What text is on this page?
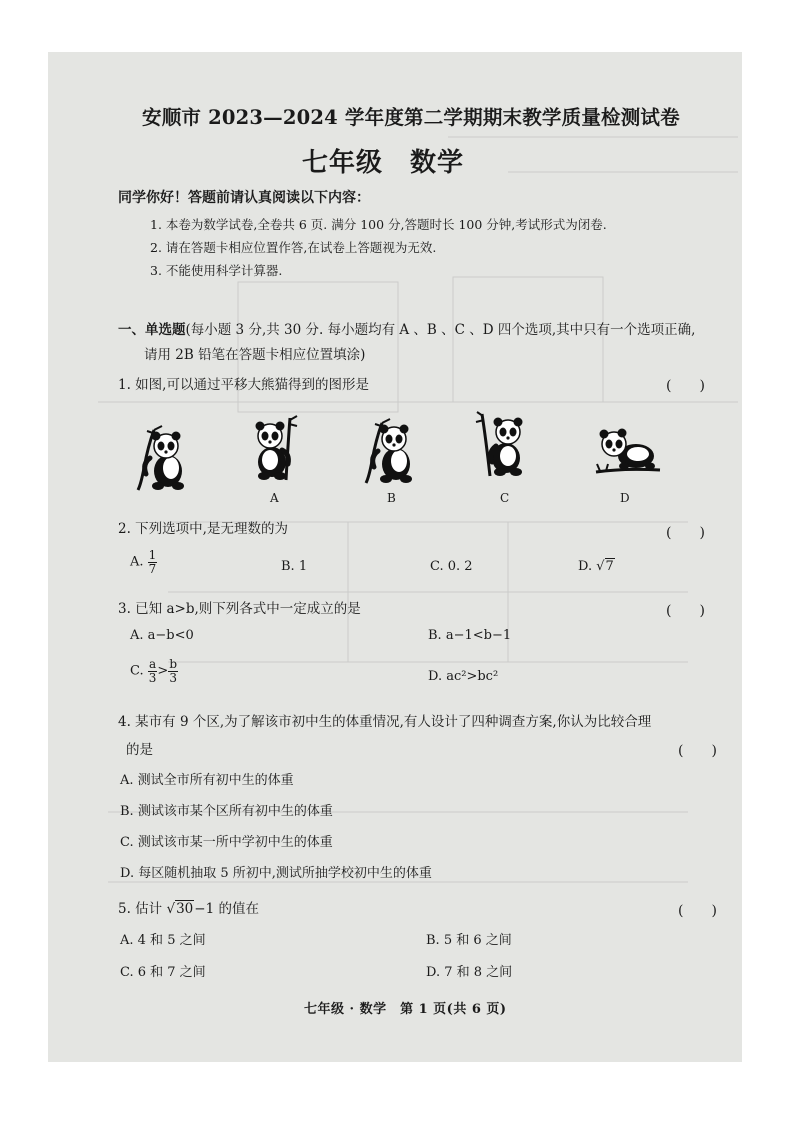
安顺市 2023—2024 学年度第二学期期末教学质量检测试卷
七年级　数学
同学你好！答题前请认真阅读以下内容：
1. 本卷为数学试卷,全卷共 6 页. 满分 100 分,答题时长 100 分钟,考试形式为闭卷.
2. 请在答题卡相应位置作答,在试卷上答题视为无效.
3. 不能使用科学计算器.
一、单选题(每小题 3 分,共 30 分. 每小题均有 A 、B 、C 、D 四个选项,其中只有一个选项正确,
请用 2B 铅笔在答题卡相应位置填涂)
1. 如图,可以通过平移大熊猫得到的图形是	(　　)
A	B	C	D
2. 下列选项中,是无理数的为	(　　)
A. $\frac{1}{7}$	B. 1	C. 0. 2	D. √7
3. 已知 a>b,则下列各式中一定成立的是	(　　)
A. a−b<0	B. a−1<b−1
C. $\frac{a}{3} > \frac{b}{3}$	D. ac²>bc²
4. 某市有 9 个区,为了解该市初中生的体重情况,有人设计了四种调查方案,你认为比较合理
的是	(　　)
A. 测试全市所有初中生的体重
B. 测试该市某个区所有初中生的体重
C. 测试该市某一所中学初中生的体重
D. 每区随机抽取 5 所初中,测试所抽学校初中生的体重
5. 估计 √30−1 的值在	(　　)
A. 4 和 5 之间	B. 5 和 6 之间
C. 6 和 7 之间	D. 7 和 8 之间
七年级 · 数学　第 1 页(共 6 页)
